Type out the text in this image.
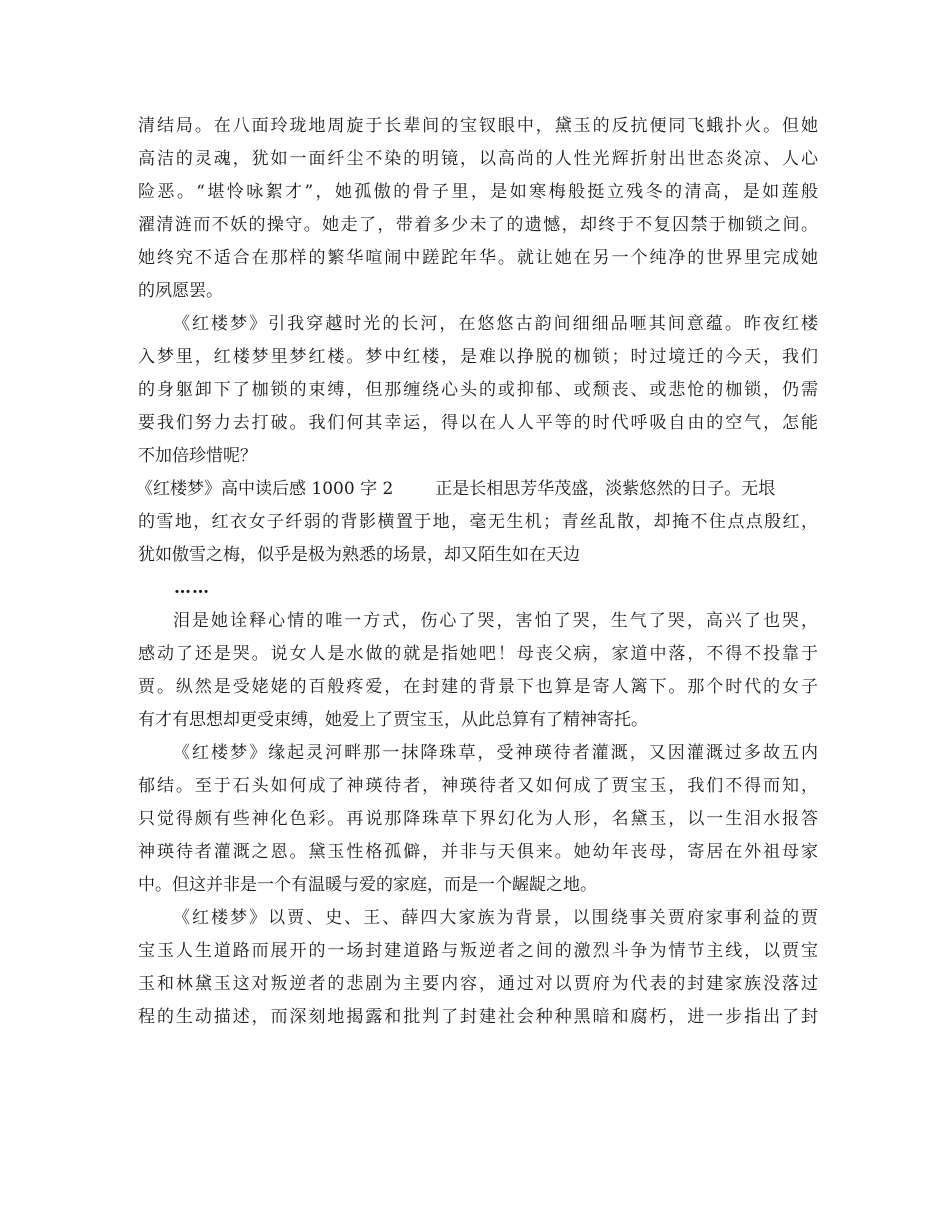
清结局。在八面玲珑地周旋于长辈间的宝钗眼中，黛玉的反抗便同飞蛾扑火。但她
高洁的灵魂，犹如一面纤尘不染的明镜，以高尚的人性光辉折射出世态炎凉、人心
险恶。“堪怜咏絮才”，她孤傲的骨子里，是如寒梅般挺立残冬的清高，是如莲般
濯清涟而不妖的操守。她走了，带着多少未了的遗憾，却终于不复囚禁于枷锁之间。
她终究不适合在那样的繁华喧闹中蹉跎年华。就让她在另一个纯净的世界里完成她
的夙愿罢。
《红楼梦》引我穿越时光的长河，在悠悠古韵间细细品咂其间意蕴。昨夜红楼
入梦里，红楼梦里梦红楼。梦中红楼，是难以挣脱的枷锁；时过境迁的今天，我们
的身躯卸下了枷锁的束缚，但那缠绕心头的或抑郁、或颓丧、或悲怆的枷锁，仍需
要我们努力去打破。我们何其幸运，得以在人人平等的时代呼吸自由的空气，怎能
不加倍珍惜呢？
《红楼梦》高中读后感 1000 字 2 正是长相思芳华茂盛，淡紫悠然的日子。无垠
的雪地，红衣女子纤弱的背影横置于地，毫无生机；青丝乱散，却掩不住点点殷红，
犹如傲雪之梅，似乎是极为熟悉的场景，却又陌生如在天边
……
泪是她诠释心情的唯一方式，伤心了哭，害怕了哭，生气了哭，高兴了也哭，
感动了还是哭。说女人是水做的就是指她吧！母丧父病，家道中落，不得不投靠于
贾。纵然是受姥姥的百般疼爱，在封建的背景下也算是寄人篱下。那个时代的女子
有才有思想却更受束缚，她爱上了贾宝玉，从此总算有了精神寄托。
《红楼梦》缘起灵河畔那一抹降珠草，受神瑛待者灌溉，又因灌溉过多故五内
郁结。至于石头如何成了神瑛待者，神瑛待者又如何成了贾宝玉，我们不得而知，
只觉得颇有些神化色彩。再说那降珠草下界幻化为人形，名黛玉，以一生泪水报答
神瑛待者灌溉之恩。黛玉性格孤僻，并非与天俱来。她幼年丧母，寄居在外祖母家
中。但这并非是一个有温暖与爱的家庭，而是一个龌龊之地。
《红楼梦》以贾、史、王、薛四大家族为背景，以围绕事关贾府家事利益的贾
宝玉人生道路而展开的一场封建道路与叛逆者之间的激烈斗争为情节主线，以贾宝
玉和林黛玉这对叛逆者的悲剧为主要内容，通过对以贾府为代表的封建家族没落过
程的生动描述，而深刻地揭露和批判了封建社会种种黑暗和腐朽，进一步指出了封
